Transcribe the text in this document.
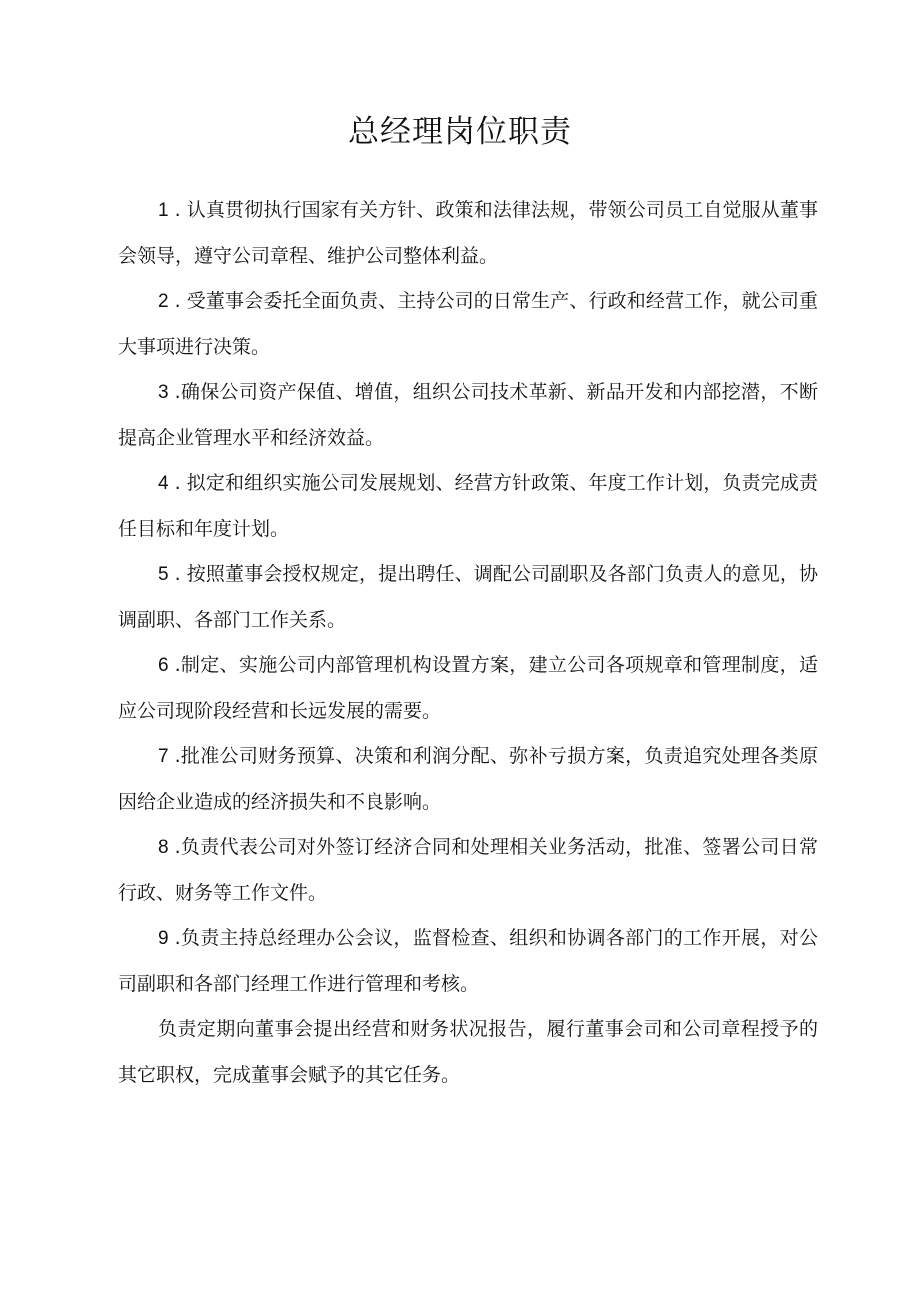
总经理岗位职责

1 . 认真贯彻执行国家有关方针、政策和法律法规，带领公司员工自觉服从董事会领导，遵守公司章程、维护公司整体利益。

2 . 受董事会委托全面负责、主持公司的日常生产、行政和经营工作，就公司重大事项进行决策。

3 .确保公司资产保值、增值，组织公司技术革新、新品开发和内部挖潜，不断提高企业管理水平和经济效益。

4 . 拟定和组织实施公司发展规划、经营方针政策、年度工作计划，负责完成责任目标和年度计划。

5 . 按照董事会授权规定，提出聘任、调配公司副职及各部门负责人的意见，协调副职、各部门工作关系。

6 .制定、实施公司内部管理机构设置方案，建立公司各项规章和管理制度，适应公司现阶段经营和长远发展的需要。

7 .批准公司财务预算、决策和利润分配、弥补亏损方案，负责追究处理各类原因给企业造成的经济损失和不良影响。

8 .负责代表公司对外签订经济合同和处理相关业务活动，批准、签署公司日常行政、财务等工作文件。

9 .负责主持总经理办公会议，监督检查、组织和协调各部门的工作开展，对公司副职和各部门经理工作进行管理和考核。

负责定期向董事会提出经营和财务状况报告，履行董事会司和公司章程授予的其它职权，完成董事会赋予的其它任务。
